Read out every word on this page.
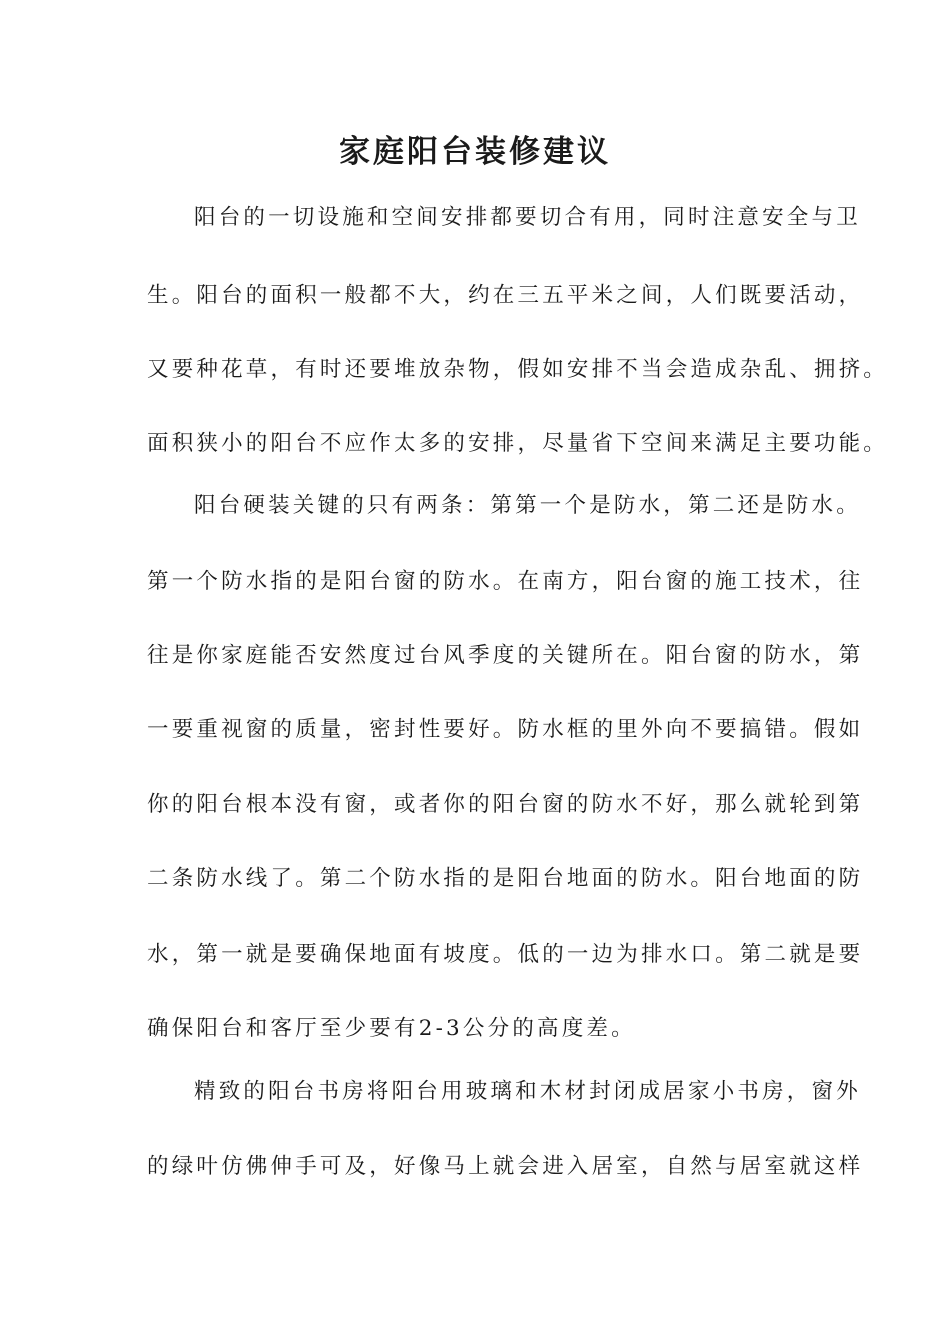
家庭阳台装修建议
阳台的一切设施和空间安排都要切合有用，同时注意安全与卫
生。阳台的面积一般都不大，约在三五平米之间，人们既要活动，
又要种花草，有时还要堆放杂物，假如安排不当会造成杂乱、拥挤。
面积狭小的阳台不应作太多的安排，尽量省下空间来满足主要功能。
阳台硬装关键的只有两条：第第一个是防水，第二还是防水。
第一个防水指的是阳台窗的防水。在南方，阳台窗的施工技术，往
往是你家庭能否安然度过台风季度的关键所在。阳台窗的防水，第
一要重视窗的质量，密封性要好。防水框的里外向不要搞错。假如
你的阳台根本没有窗，或者你的阳台窗的防水不好，那么就轮到第
二条防水线了。第二个防水指的是阳台地面的防水。阳台地面的防
水，第一就是要确保地面有坡度。低的一边为排水口。第二就是要
确保阳台和客厅至少要有2-3公分的高度差。
精致的阳台书房将阳台用玻璃和木材封闭成居家小书房，窗外
的绿叶仿佛伸手可及，好像马上就会进入居室，自然与居室就这样
